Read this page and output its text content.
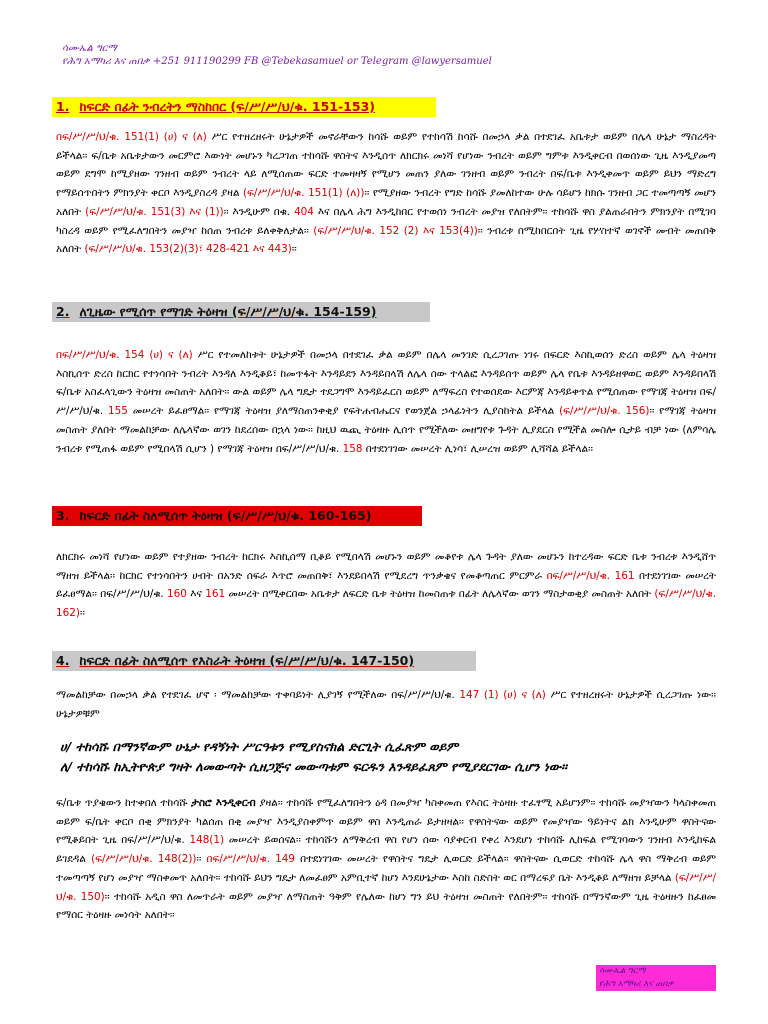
ሳሙኤል ግርማ
የሕግ አማካሪ እና ጠበቃ +251 911190299 FB @Tebekasamuel or Telegram @lawyersamuel
1. ከፍርድ በፊት ንብረትን ማስከበር (ፍ/ሥ/ሥ/ህ/ቁ. 151-153)
በፍ/ሥ/ሥ/ህ/ቁ. 151(1) (ሀ) ና (ለ) ሥር የተዘረዘሩት ሁኔታዎች መኖራቸውን ከሳሹ ወይም የተከሳሽ ከሳሹ በመኃላ ቃል በተደገፈ አቤቱታ ወይም በሌላ ሁኔታ ማስረዳት ይችላል፡፡ ፍ/ቤቱ አቤቱታውን መርምሮ እውነት መሆኑን ካረጋገጠ ተከሳሹ ዋስትና እንዲሰጥ ለክርክሩ መነሻ የሆነው ንብረት ወይም ግምቱ እንዲቀርብ በወሰነው ጊዜ እንዲያመጣ ወይም ደግሞ ከሚያዘው ገንዘብ ወይም ንብረት ላይ ለሚሰጠው ፍርድ ተመዛዛኝ የሚሆን መጠን ያለው ገንዘብ ወይም ንብረት በፍ/ቤቱ እንዲቀመጥ ወይም ይህን ማድረግ የማይሰጥበትን ምክንያት ቀርቦ እንዲያስረዳ ያዛል (ፍ/ሥ/ሥ/ህ/ቁ. 151(1) (ለ))፡፡ የሚያዘው ንብረት የግድ ከሳሹ ያመለከተው ሁሉ ሳይሆን ከክሱ ገንዘብ ጋር ተመጣጣኝ መሆን አለበት (ፍ/ሥ/ሥ/ህ/ቁ. 151(3) እና (1))፡፡ እንዲሁም በቁ. 404 እና በሌላ ሕግ እንዲከበር የተወሰነ ንብረት መያዝ የለበትም፡፡ ተከሳሹ ዋስ ያልጠራበትን ምክንያት በሚገባ ካስረዳ ወይም የሚፈለግበትን መያዣ ከሰጠ ንብረቱ ይለቀቅለታል፡፡ (ፍ/ሥ/ሥ/ህ/ቁ. 152 (2) እና 153(4))፡፡ ንብረቱ በሚከበርበት ጊዜ የሦስተኛ ወገኖች መብት መጠበቅ አለበት (ፍ/ሥ/ሥ/ህ/ቁ. 153(2)(3)፣ 428-421 እና 443)፡፡
2. ለጊዜው የሚሰጥ የማገድ ትዕዛዝ (ፍ/ሥ/ሥ/ህ/ቁ. 154-159)
በፍ/ሥ/ሥ/ህ/ቁ. 154 (ሀ) ና (ለ) ሥር የተመለከቱት ሁኔታዎች በመኃላ በተደገፈ ቃል ወይም በሌላ መንገድ ሲረጋገጡ ነገሩ በፍርድ እስኪወሰን ድረስ ወይም ሌላ ትዕዛዝ እስኪሰጥ ድረስ ከርክር የተነሳበት ንብረት እንዳለ እንዲቆይ፣ ከመጥፋት እንዳይደን እንዳይበላሽ ለሌላ ሰው ተላልፎ እንዳይሰጥ ወይም ሌላ የቤቱ እንዳይዘዋወር ወይም እንዳይበላሽ ፍ/ቤቱ አስፈላጊውን ትዕዛዝ መስጠት አለበት፡፡ ውል ወይም ሌላ ግዴታ ተደጋግሞ እንዳይፈርስ ወይም ለማፍረስ የተወሰደው እርምጃ እንዳይቀጥል የሚሰጠው የማገጃ ትዕዛዝ በፍ/ሥ/ሥ/ህ/ቁ. 155 መሠረት ይፈፀማል፡፡ የማገጃ ትዕዛዝ ያለማስጠንቀቂያ የፍትሐብሔርና የወንጀል ኃላፊነትን ሊያስከትል ይችላል (ፍ/ሥ/ሥ/ህ/ቁ. 156)፡፡ የማገጃ ትዕዛዝ መስጠት ያለበት ማመልከቻው ለሌላኛው ወገን ከደረሰው በኋላ ነው፡፡ ከዚህ ዉጪ ትዕዛዙ ሊሰጥ የሚችለው መዘግየቱ ጉዳት ሊያደርስ የሚችል መስሎ ሲታይ ብቻ ነው (ለምሳሌ ንብረቱ የሚጠፋ ወይም የሚበላሽ ሲሆን ) የማገጃ ትዕዛዝ በፍ/ሥ/ሥ/ህ/ቁ. 158 በተደነገገው መሠረት ሊነሳ፣ ሊሠረዝ ወይም ሊሻሻል ይችላል፡፡
3. ከፍርድ በፊት ስለሚሰጥ ትዕዛዝ (ፍ/ሥ/ሥ/ህ/ቁ. 160-165)
ለክርክሩ መነሻ የሆነው ወይም የተያዘው ንብረት ከርክሩ እስኪሰማ ቢቆይ የሚበላሽ መሆኑን ወይም መቆየቱ ሌላ ጉዳት ያለው መሆኑን ከተረዳው ፍርድ ቤቱ ንብረቱ እንዲሸጥ ማዘዝ ይችላል፡፡ ከርክር የተነሳበትን ሀብት በአንድ ሰፍራ እጥሮ መጠበቅ፣ እንደይበላሽ የሚደረግ ጥንቃቄና የመቆጣጠር ምርምራ በፍ/ሥ/ሥ/ህ/ቁ. 161 በተደነገገው መሠረት ይፈፀማል፡፡ በፍ/ሥ/ሥ/ህ/ቁ. 160 እና 161 መሠረት በሚቀርበው አቤቱታ ለፍርድ ቤቱ ትዕዛዝ ከመስጠቱ በፊት ለሌላኛው ወገን ማስታወቂያ መስጠት አለበት (ፍ/ሥ/ሥ/ህ/ቁ. 162)፡፡
4. ከፍርድ በፊት ስለሚሰጥ የእስራት ትዕዛዝ (ፍ/ሥ/ሥ/ህ/ቁ. 147-150)
ማመልከቻው በመኃላ ቃል የተደገፈ ሆኖ ፡ ማመልከቻው ተቀባይነት ሊያገኝ የሚችለው በፍ/ሥ/ሥ/ህ/ቁ. 147 (1) (ሀ) ና (ለ) ሥር የተዘረዘሩት ሁኔታዎች ሲረጋገጡ ነው፡፡ ሁኔታዎቹም
ሀ/ ተከሳሹ በማንኛውም ሁኔታ የዳኝነት ሥርዓቱን የሚያስናክል ድርጊት ሲፈጽም ወይም
ለ/ ተከሳሹ ከኢትዮጵያ ግዛት ለመውጣት ሲዘጋጅና መውጣቱም ፍርዱን እንዳይፈጸም የሚያደርገው ሲሆን ነው፡፡
ፍ/ቤቱ ጥያቄውን ከተቀበለ ተከሳሹ ታስሮ እንዲቀርብ ያዛል፡፡ ተከሳሹ የሚፈለግበትን ዕዳ በመያዣ ካስቀመጠ የእስር ትዕዛዙ ተፈፃሚ አይሆንም፡፡ ተከሳሹ መያዣውን ካላስቀመጠ ወይም ፍ/ቤት ቀርቦ በቂ ምክንያት ካልሰጠ በቂ መያዣ እንዲያስቀምጥ ወይም ዋስ እንዲጠራ ይታዘዛል፡፡ የዋስትናው ወይም የመያዣው ዓይነትና ልክ እንዲሁም ዋስትናው የሚቆይበት ጊዜ በፍ/ሥ/ሥ/ህ/ቁ. 148(1) መሠረት ይወሰናል፡፡ ተከሳሹን ለማቅረብ ዋስ የሆነ ሰው ሳያቀርብ የቀረ እንደሆነ ተከሳሹ ሊከፍል የሚገባውን ገንዘብ እንዲከፍል ይገደዳል (ፍ/ሥ/ሥ/ህ/ቁ. 148(2))፡፡ በፍ/ሥ/ሥ/ህ/ቁ. 149 በተደነገገው መሠረት የዋስትና ግዴታ ሊወርድ ይችላል፡፡ ዋስትናው ሲወርድ ተከሳሹ ሌላ ዋስ ማቅረብ ወይም ተመጣጣኝ የሆነ መያዣ ማስቀመጥ አለበት፡፡ ተከሳሹ ይህን ግዴታ ለመፈፀም አምቢተኛ ከሆነ እንደሁኔታው እስከ ስድስት ወር በማረፍያ ቤት እንዲቆይ ለማዘዝ ይቻላል (ፍ/ሥ/ሥ/ህ/ቁ. 150)፡፡ ተከሳሹ አዲስ ዋስ ለመጥራት ወይም መያዣ ለማስጠት ዓቅም የሌለው ከሆነ ግን ይህ ትዕዛዝ መስጠት የለበትም፡፡ ተከሳሹ በማንኛውም ጊዜ ትዕዛዙን ከፈፀመ የማሰር ትዕዛዙ መነሳት አለበት፡፡
ሳሙኤል ግርማ
የሕግ አማካሪ እና ጠበቃ
